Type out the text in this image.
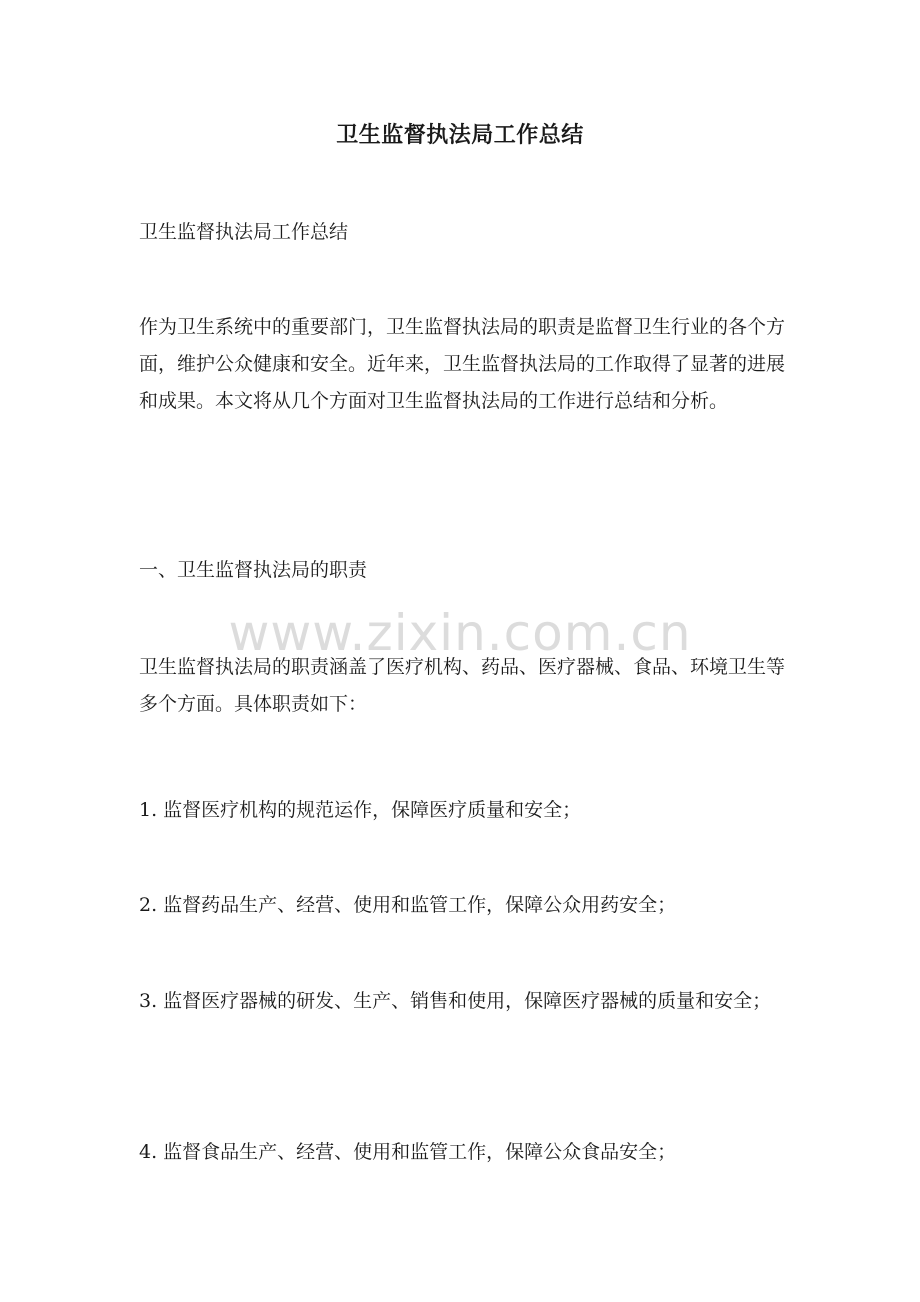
卫生监督执法局工作总结

卫生监督执法局工作总结

作为卫生系统中的重要部门，卫生监督执法局的职责是监督卫生行业的各个方面，维护公众健康和安全。近年来，卫生监督执法局的工作取得了显著的进展和成果。本文将从几个方面对卫生监督执法局的工作进行总结和分析。

一、卫生监督执法局的职责

www.zixin.com.cn

卫生监督执法局的职责涵盖了医疗机构、药品、医疗器械、食品、环境卫生等多个方面。具体职责如下：

1. 监督医疗机构的规范运作，保障医疗质量和安全；

2. 监督药品生产、经营、使用和监管工作，保障公众用药安全；

3. 监督医疗器械的研发、生产、销售和使用，保障医疗器械的质量和安全；

4. 监督食品生产、经营、使用和监管工作，保障公众食品安全；
